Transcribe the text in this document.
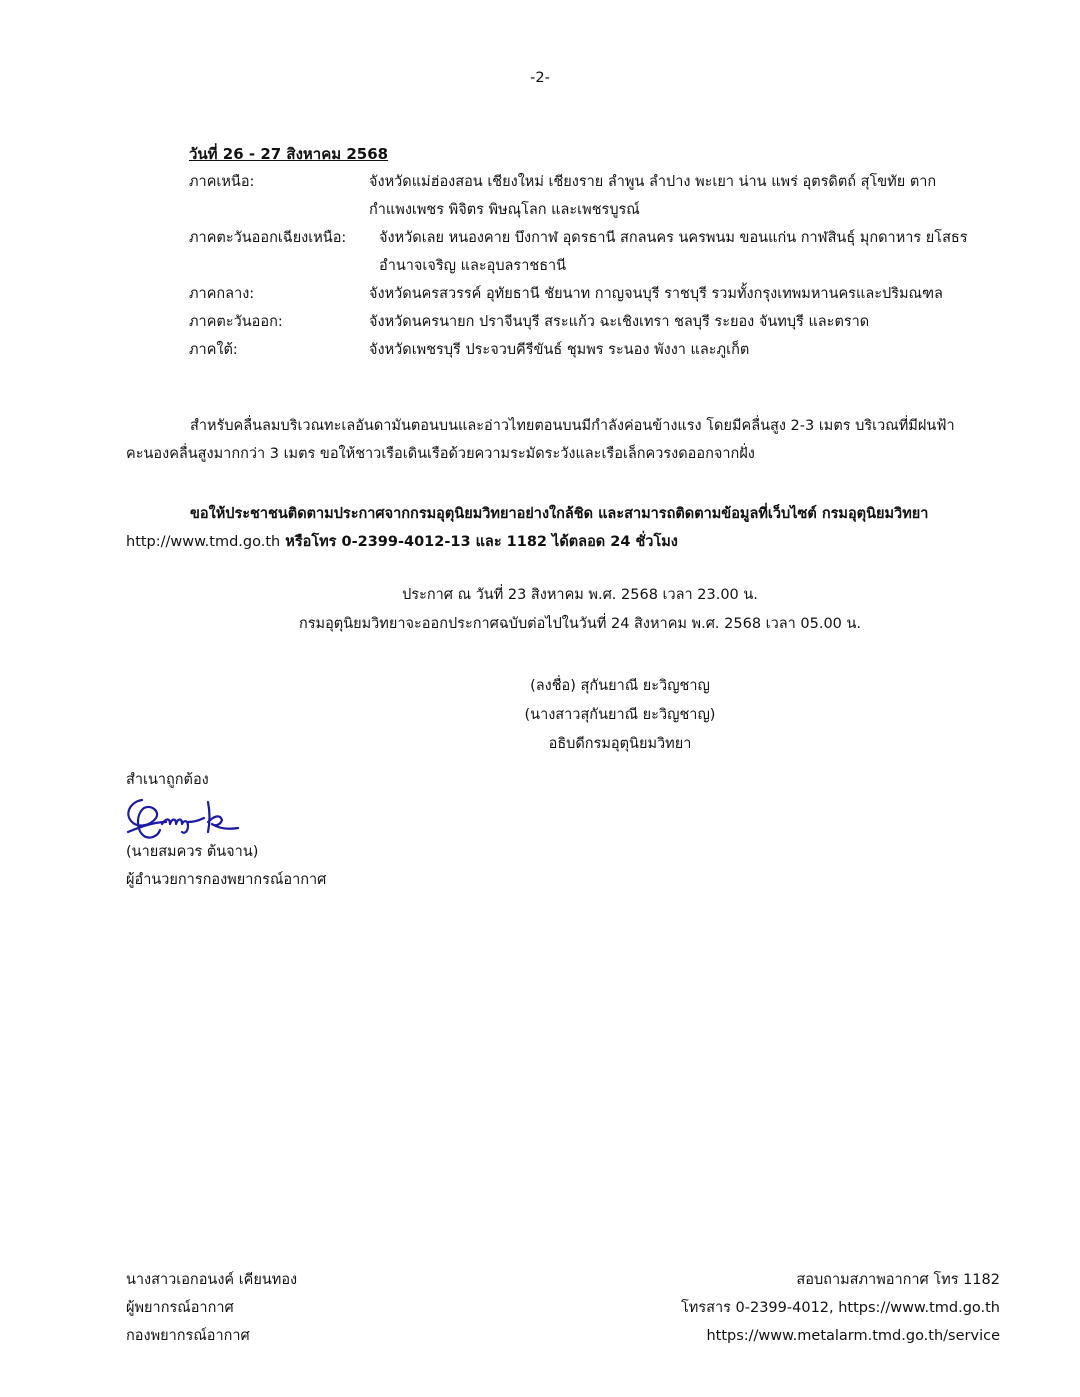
-2-
วันที่ 26 - 27 สิงหาคม 2568
ภาคเหนือ:	จังหวัดแม่ฮ่องสอน เชียงใหม่ เชียงราย ลำพูน ลำปาง พะเยา น่าน แพร่ อุตรดิตถ์ สุโขทัย ตาก กำแพงเพชร พิจิตร พิษณุโลก และเพชรบูรณ์
ภาคตะวันออกเฉียงเหนือ:	จังหวัดเลย หนองคาย บึงกาฬ อุดรธานี สกลนคร นครพนม ขอนแก่น กาฬสินธุ์ มุกดาหาร ยโสธร อำนาจเจริญ และอุบลราชธานี
ภาคกลาง:	จังหวัดนครสวรรค์ อุทัยธานี ชัยนาท กาญจนบุรี ราชบุรี รวมทั้งกรุงเทพมหานครและปริมณฑล
ภาคตะวันออก:	จังหวัดนครนายก ปราจีนบุรี สระแก้ว ฉะเชิงเทรา ชลบุรี ระยอง จันทบุรี และตราด
ภาคใต้:	จังหวัดเพชรบุรี ประจวบคีรีขันธ์ ชุมพร ระนอง พังงา และภูเก็ต
สำหรับคลื่นลมบริเวณทะเลอันดามันตอนบนและอ่าวไทยตอนบนมีกำลังค่อนข้างแรง โดยมีคลื่นสูง 2-3 เมตร บริเวณที่มีฝนฟ้าคะนองคลื่นสูงมากกว่า 3 เมตร ขอให้ชาวเรือเดินเรือด้วยความระมัดระวังและเรือเล็กควรงดออกจากฝั่ง
ขอให้ประชาชนติดตามประกาศจากกรมอุตุนิยมวิทยาอย่างใกล้ชิด และสามารถติดตามข้อมูลที่เว็บไซต์ กรมอุตุนิยมวิทยา http://www.tmd.go.th หรือโทร 0-2399-4012-13 และ 1182 ได้ตลอด 24 ชั่วโมง
ประกาศ ณ วันที่ 23 สิงหาคม พ.ศ. 2568 เวลา 23.00 น.
กรมอุตุนิยมวิทยาจะออกประกาศฉบับต่อไปในวันที่ 24 สิงหาคม พ.ศ. 2568 เวลา 05.00 น.
(ลงชื่อ) สุกันยาณี ยะวิญชาญ
(นางสาวสุกันยาณี ยะวิญชาญ)
อธิบดีกรมอุตุนิยมวิทยา
สำเนาถูกต้อง
(นายสมควร ต้นจาน)
ผู้อำนวยการกองพยากรณ์อากาศ
นางสาวเอกอนงค์ เคียนทอง
ผู้พยากรณ์อากาศ
กองพยากรณ์อากาศ
สอบถามสภาพอากาศ โทร 1182
โทรสาร 0-2399-4012, https://www.tmd.go.th
https://www.metalarm.tmd.go.th/service
